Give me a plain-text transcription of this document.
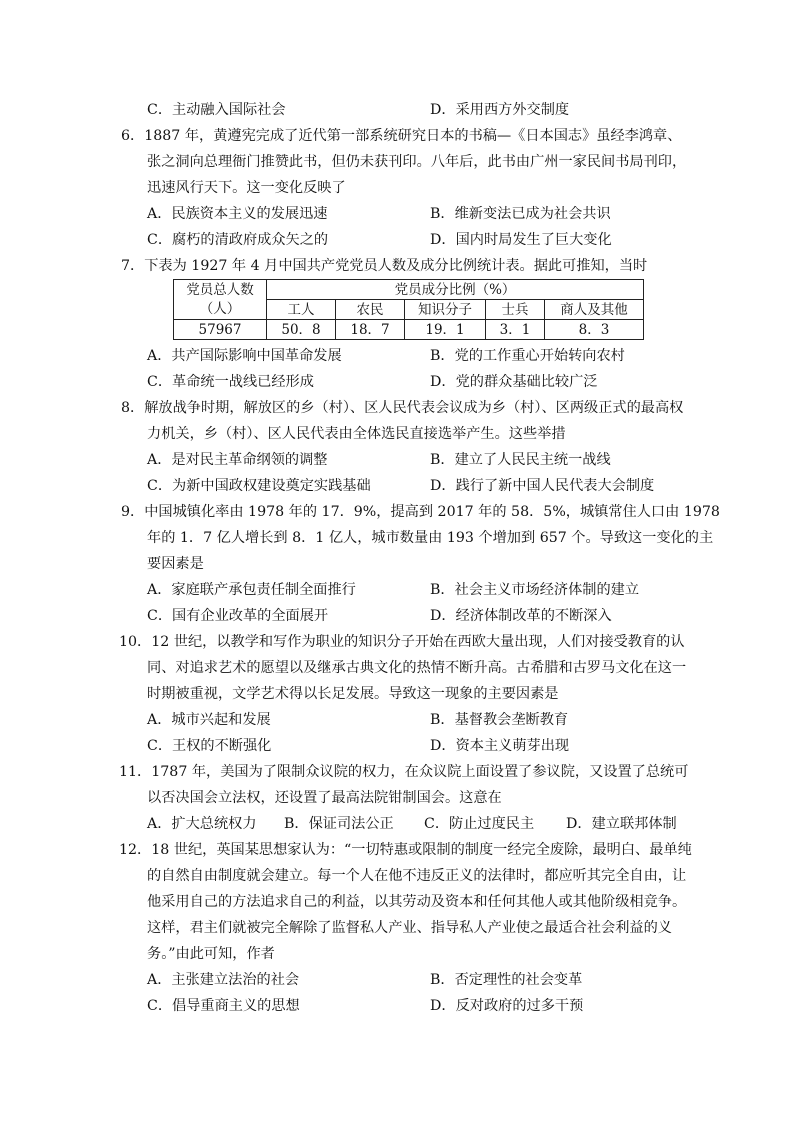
C．主动融入国际社会	D．采用西方外交制度
6．1887 年，黄遵宪完成了近代第一部系统研究日本的书稿—《日本国志》虽经李鸿章、
张之洞向总理衙门推赞此书，但仍未获刊印。八年后，此书由广州一家民间书局刊印，
迅速风行天下。这一变化反映了
A．民族资本主义的发展迅速	B．维新变法已成为社会共识
C．腐朽的清政府成众矢之的	D．国内时局发生了巨大变化
7．下表为 1927 年 4 月中国共产党党员人数及成分比例统计表。据此可推知，当时
党员总人数
（人）	党员成分比例（%）				
	工人	农民	知识分子	士兵	商人及其他
57967	50．8	18．7	19．1	3．1	8．3
A．共产国际影响中国革命发展	B．党的工作重心开始转向农村
C．革命统一战线已经形成	D．党的群众基础比较广泛
8．解放战争时期，解放区的乡（村）、区人民代表会议成为乡（村）、区两级正式的最高权
力机关，乡（村）、区人民代表由全体选民直接选举产生。这些举措
A．是对民主革命纲领的调整	B．建立了人民民主统一战线
C．为新中国政权建设奠定实践基础	D．践行了新中国人民代表大会制度
9．中国城镇化率由 1978 年的 17．9%，提高到 2017 年的 58．5%，城镇常住人口由 1978
年的 1．7 亿人增长到 8．1 亿人，城市数量由 193 个增加到 657 个。导致这一变化的主
要因素是
A．家庭联产承包责任制全面推行	B．社会主义市场经济体制的建立
C．国有企业改革的全面展开	D．经济体制改革的不断深入
10．12 世纪，以教学和写作为职业的知识分子开始在西欧大量出现，人们对接受教育的认
同、对追求艺术的愿望以及继承古典文化的热情不断升高。古希腊和古罗马文化在这一
时期被重视，文学艺术得以长足发展。导致这一现象的主要因素是
A．城市兴起和发展	B．基督教会垄断教育
C．王权的不断强化	D．资本主义萌芽出现
11．1787 年，美国为了限制众议院的权力，在众议院上面设置了参议院，又设置了总统可
以否决国会立法权，还设置了最高法院钳制国会。这意在
A．扩大总统权力 B．保证司法公正 C．防止过度民主 D．建立联邦体制
12．18 世纪，英国某思想家认为：“一切特惠或限制的制度一经完全废除，最明白、最单纯
的自然自由制度就会建立。每一个人在他不违反正义的法律时，都应听其完全自由，让
他采用自己的方法追求自己的利益，以其劳动及资本和任何其他人或其他阶级相竞争。
这样，君主们就被完全解除了监督私人产业、指导私人产业使之最适合社会利益的义
务。”由此可知，作者
A．主张建立法治的社会	B．否定理性的社会变革
C．倡导重商主义的思想	D．反对政府的过多干预
